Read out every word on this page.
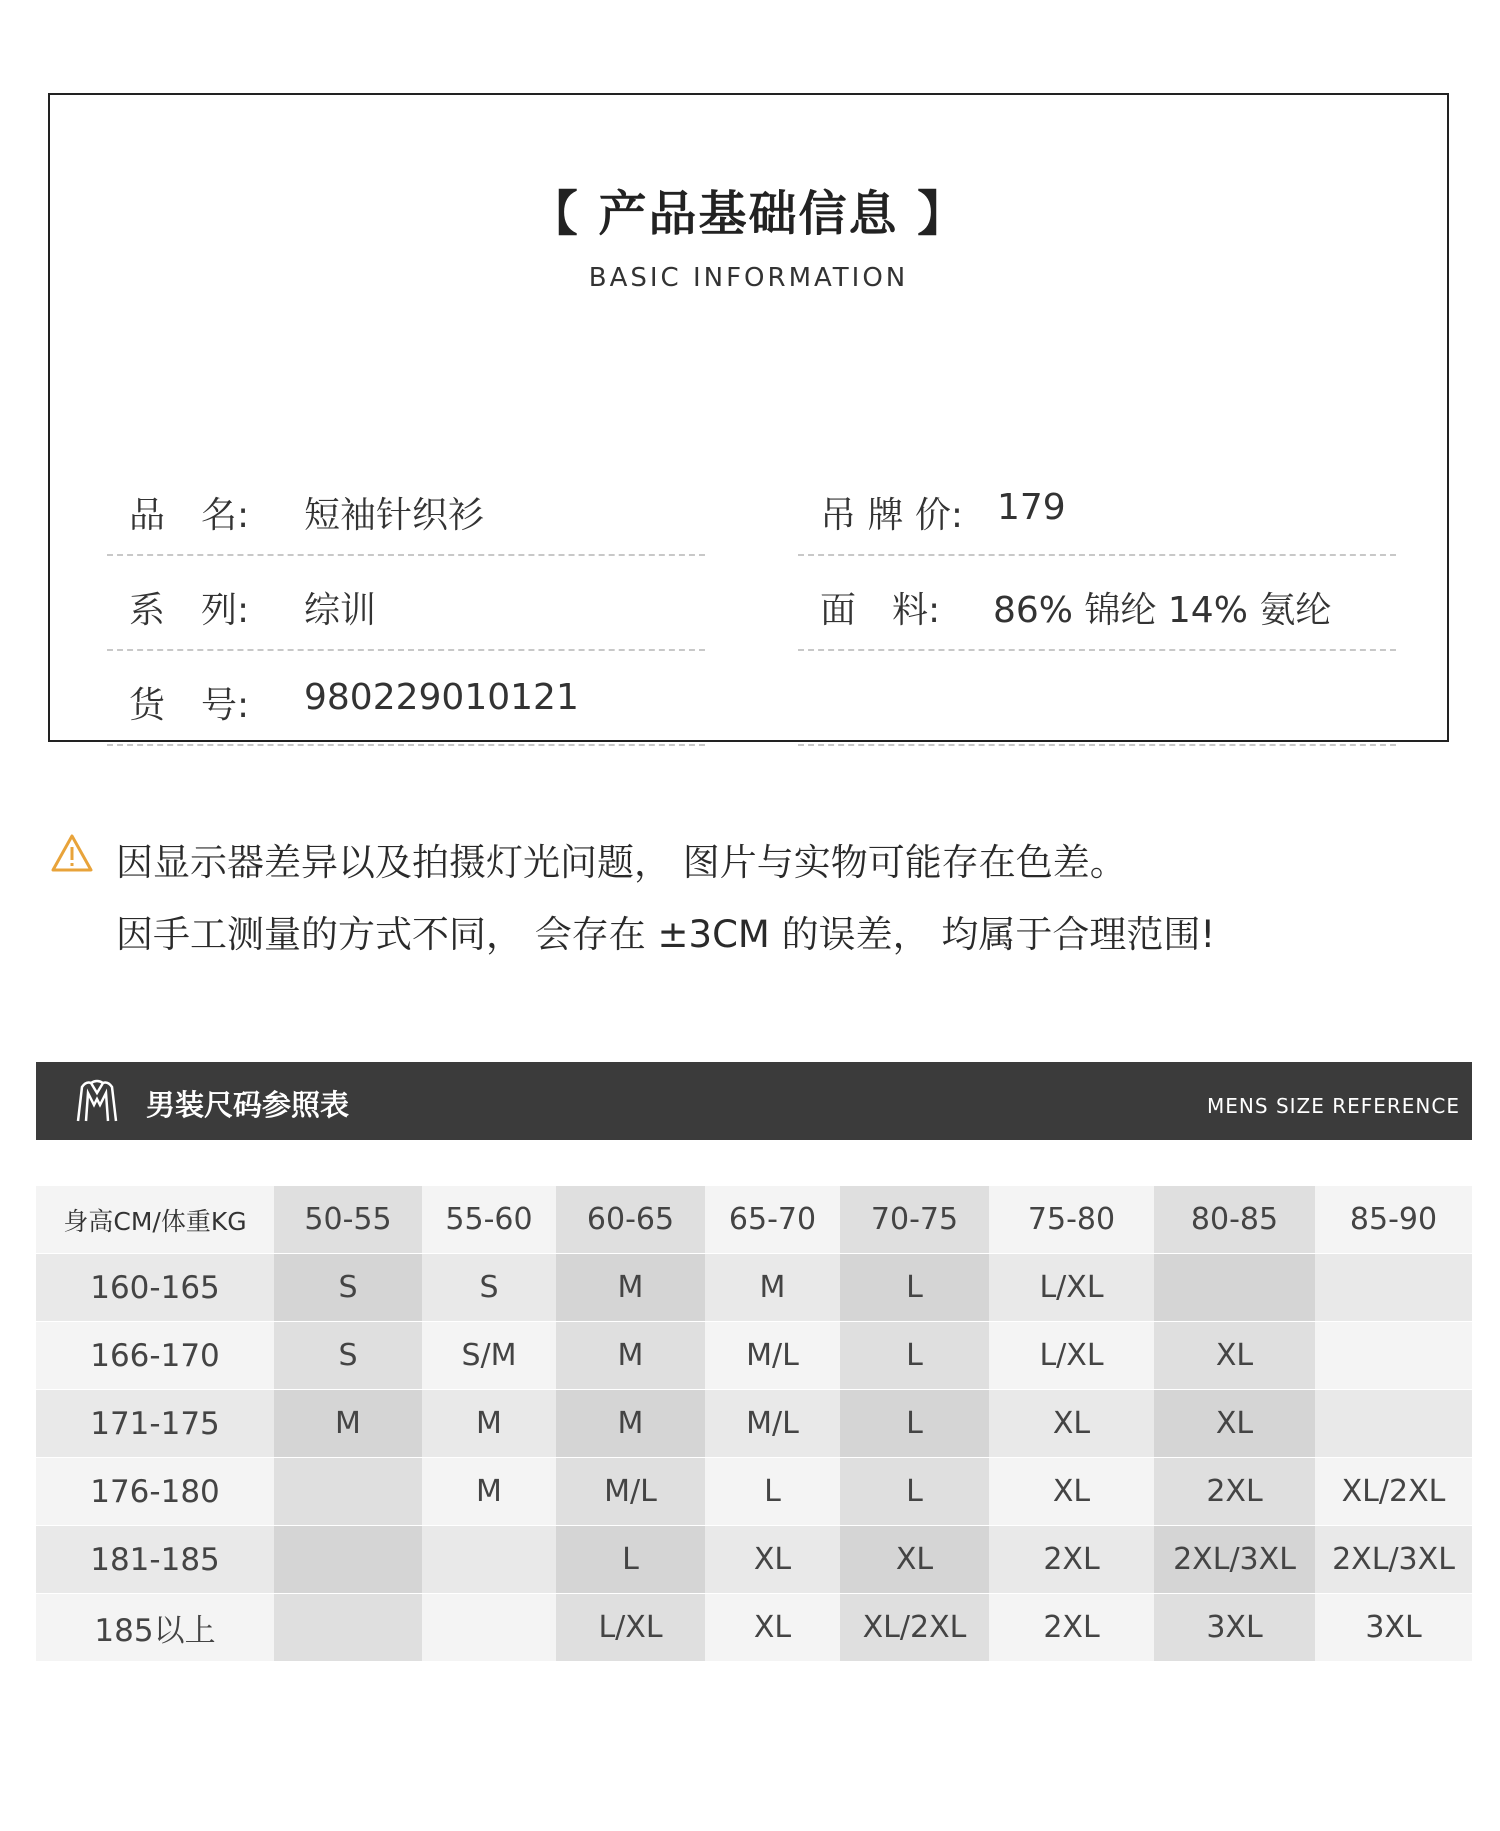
【 产品基础信息 】
BASIC INFORMATION
品　名: 短袖针织衫	吊 牌 价: 179
系　列: 综训	面　料: 86% 锦纶 14% 氨纶
货　号: 980229010121
因显示器差异以及拍摄灯光问题， 图片与实物可能存在色差。
因手工测量的方式不同， 会存在 ±3CM 的误差， 均属于合理范围!
男装尺码参照表	MENS SIZE REFERENCE
身高CM/体重KG	50-55	55-60	60-65	65-70	70-75	75-80	80-85	85-90
160-165	S	S	M	M	L	L/XL		
166-170	S	S/M	M	M/L	L	L/XL	XL	
171-175	M	M	M	M/L	L	XL	XL	
176-180		M	M/L	L	L	XL	2XL	XL/2XL
181-185			L	XL	XL	2XL	2XL/3XL	2XL/3XL
185以上			L/XL	XL	XL/2XL	2XL	3XL	3XL
